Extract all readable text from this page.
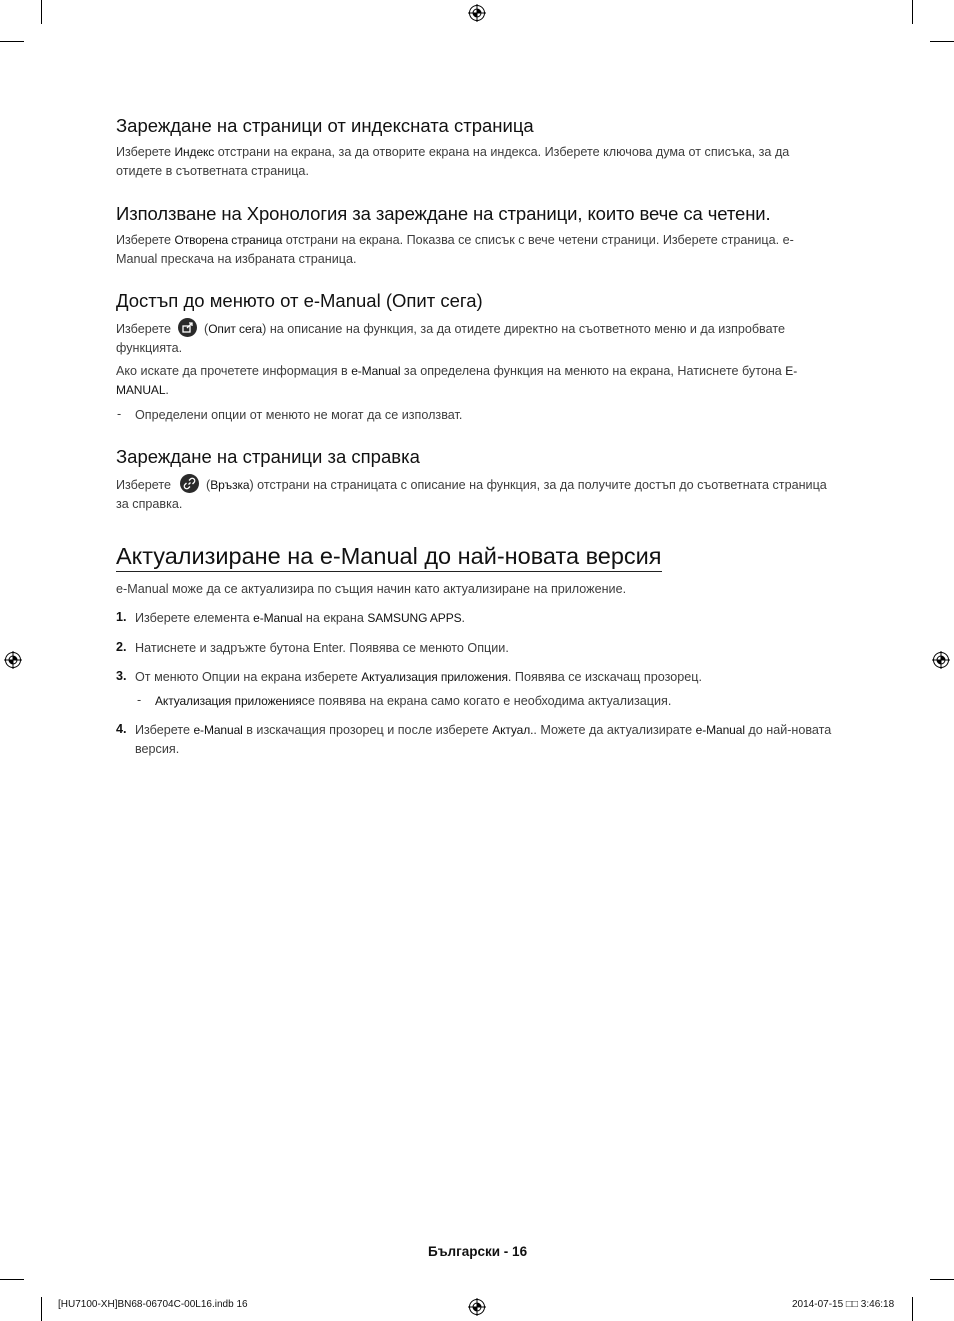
Зареждане на страници от индексната страница

Изберете Индекс отстрани на екрана, за да отворите екрана на индекса. Изберете ключова дума от списъка, за да отидете в съответната страница.

Използване на Хронология за зареждане на страници, които вече са четени.

Изберете Отворена страница отстрани на екрана. Показва се списък с вече четени страници. Изберете страница. e-Manual прескача на избраната страница.

Достъп до менюто от e-Manual (Опит сега)

Изберете
(Опит сега) на описание на функция, за да отидете директно на съответното меню и да изпробвате функцията.

Ако искате да прочетете информация в e-Manual за определена функция на менюто на екрана, Натиснете бутона E-MANUAL.

- Определени опции от менюто не могат да се използват.

Зареждане на страници за справка

Изберете
(Връзка) отстрани на страницата с описание на функция, за да получите достъп до съответната страница за справка.

Актуализиране на e-Manual до най-новата версия

e-Manual може да се актуализира по същия начин като актуализиране на приложение.

1. Изберете елемента e-Manual на екрана SAMSUNG APPS.

2. Натиснете и задръжте бутона Enter. Появява се менюто Опции.

3. От менюто Опции на екрана изберете Актуализация приложения. Появява се изскачащ прозорец.

- Актуализация приложениясе появява на екрана само когато е необходима актуализация.

4. Изберете e-Manual в изскачащия прозорец и после изберете Актуал.. Можете да актуализирате e-Manual до най-новата версия.

Български - 16
[HU7100-XH]BN68-06704C-00L16.indb 16	2014-07-15 □□ 3:46:18
